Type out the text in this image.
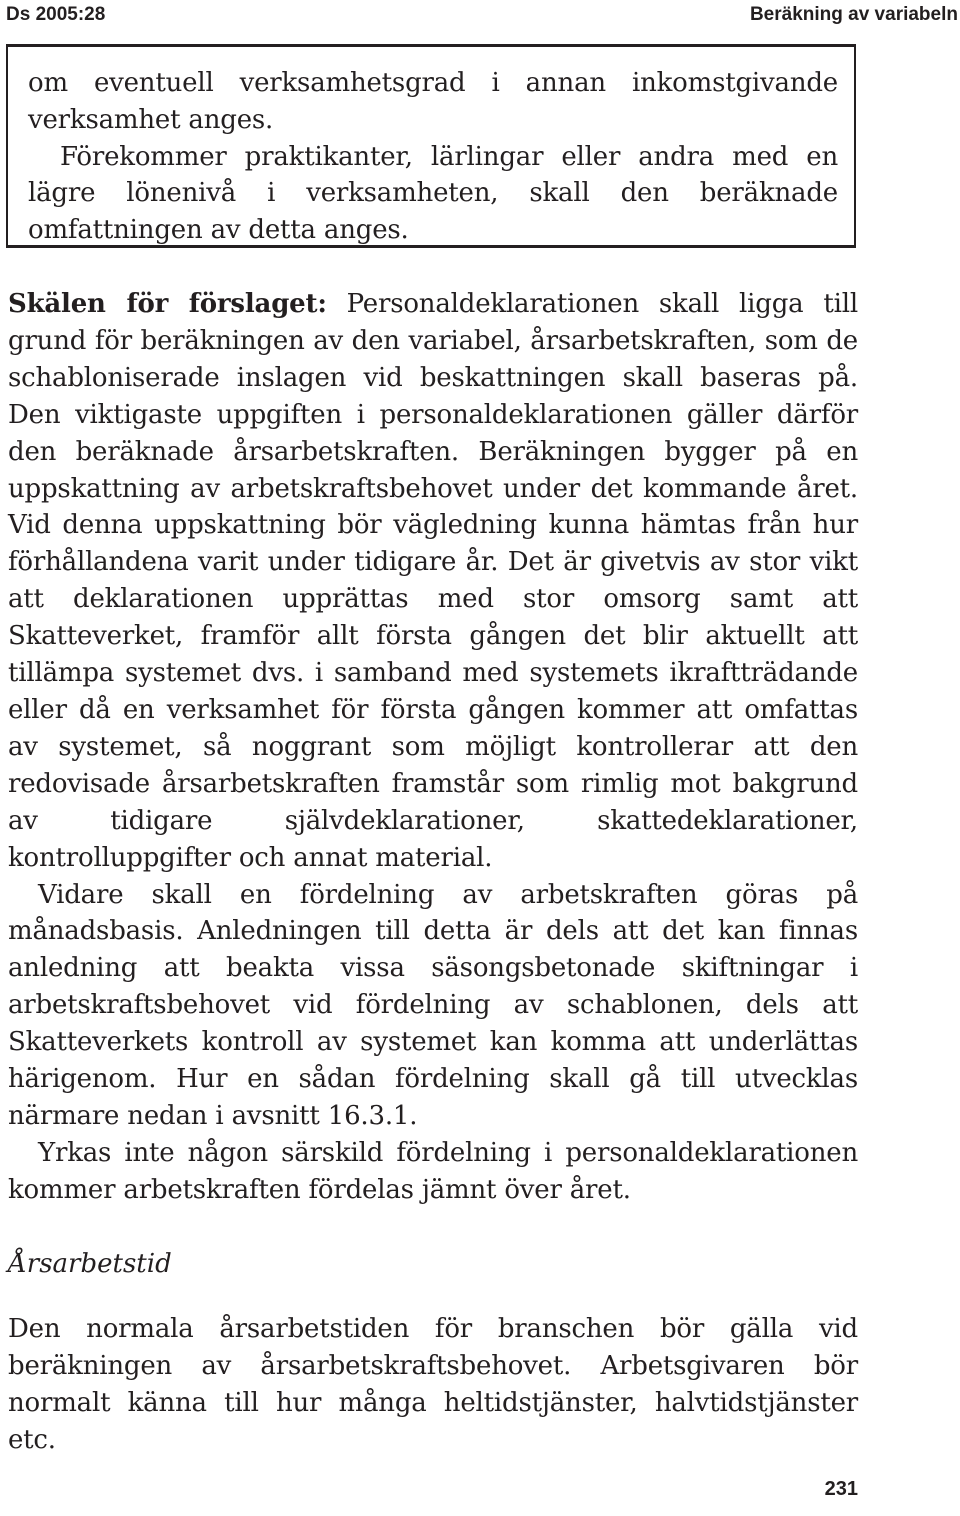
Ds 2005:28	Beräkning av variabeln

om eventuell verksamhetsgrad i annan inkomstgivande verksamhet anges.

Förekommer praktikanter, lärlingar eller andra med en lägre lönenivå i verksamheten, skall den beräknade omfattningen av detta anges.

Skälen för förslaget: Personaldeklarationen skall ligga till grund för beräkningen av den variabel, årsarbetskraften, som de schabloniserade inslagen vid beskattningen skall baseras på. Den viktigaste uppgiften i personaldeklarationen gäller därför den beräknade årsarbetskraften. Beräkningen bygger på en uppskattning av arbetskraftsbehovet under det kommande året. Vid denna uppskattning bör vägledning kunna hämtas från hur förhållandena varit under tidigare år. Det är givetvis av stor vikt att deklarationen upprättas med stor omsorg samt att Skatteverket, framför allt första gången det blir aktuellt att tillämpa systemet dvs. i samband med systemets ikraftträdande eller då en verksamhet för första gången kommer att omfattas av systemet, så noggrant som möjligt kontrollerar att den redovisade årsarbetskraften framstår som rimlig mot bakgrund av tidigare självdeklarationer, skattedeklarationer, kontrolluppgifter och annat material.

Vidare skall en fördelning av arbetskraften göras på månadsbasis. Anledningen till detta är dels att det kan finnas anledning att beakta vissa säsongsbetonade skiftningar i arbetskraftsbehovet vid fördelning av schablonen, dels att Skatteverkets kontroll av systemet kan komma att underlättas härigenom. Hur en sådan fördelning skall gå till utvecklas närmare nedan i avsnitt 16.3.1.

Yrkas inte någon särskild fördelning i personaldeklarationen kommer arbetskraften fördelas jämnt över året.

Årsarbetstid

Den normala årsarbetstiden för branschen bör gälla vid beräkningen av årsarbetskraftsbehovet. Arbetsgivaren bör normalt känna till hur många heltidstjänster, halvtidstjänster etc.

231
